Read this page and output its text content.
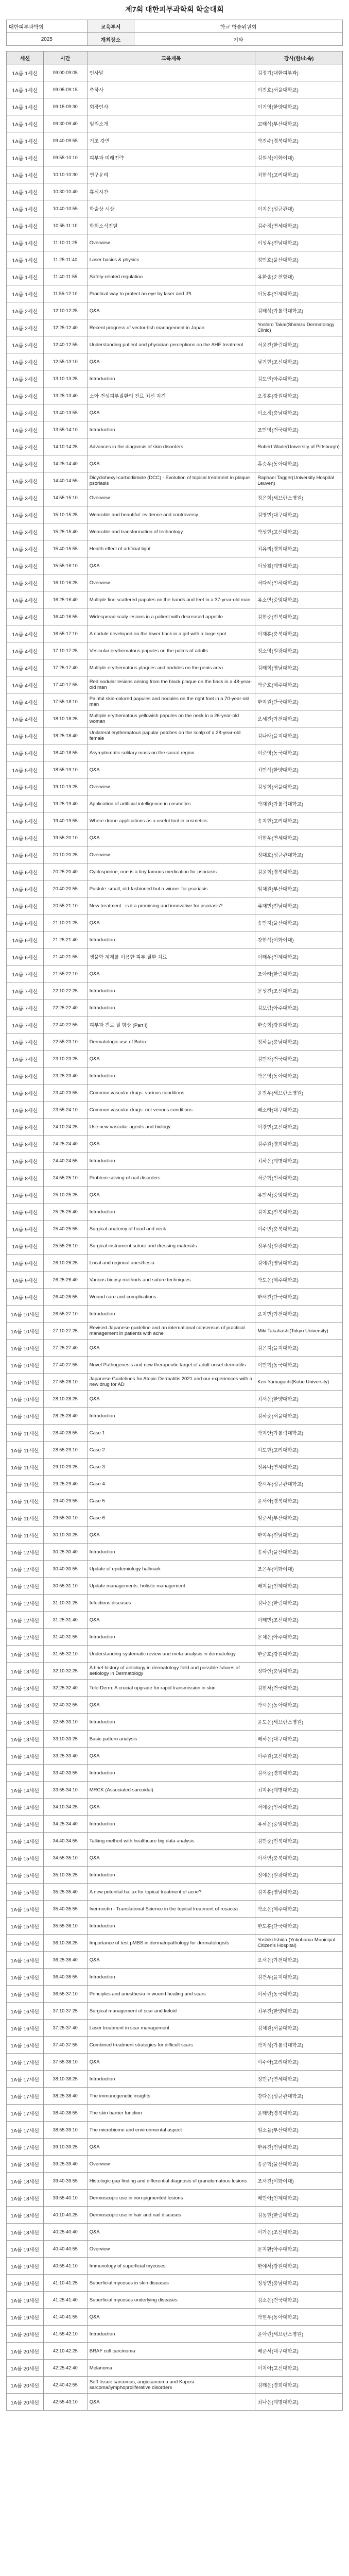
제7회 대한피부과학회 학술대회
대한피부과학회	교육부서	학교 학술위원회
2025	개최장소	기타
세션	시간	교육제목	강사(한/소속)
1A룸 1세션	09:00-09:05	인사말	김정기(대한피부과)
1A룸 1세션	09:05-09:15	축하사	이진호(서울대학교)
1A룸 1세션	09:15-09:30	회장인사	이기영(한양대학교)
1A룸 1세션	09:30-09:40	임원소개	고태석(부산대학교)
1A룸 1세션	09:40-09:55	기조 강연	박진수(경북대학교)
1A룸 1세션	09:55-10:10	피부과 미래전략	김원식(이화여대)
1A룸 1세션	10:10-10:30	연구윤리	최현석(고려대학교)
1A룸 1세션	10:30-10:40	휴식시간	
1A룸 1세션	10:40-10:55	학술상 시상	이지은(성균관대)
1A룸 1세션	10:55-11:10	학회소식전달	김수정(연세대학교)
1A룸 1세션	11:10-11:25	Overview	이성우(전남대학교)
1A룸 1세션	11:25-11:40	Laser basics & physics	정민호(울산대학교)
1A룸 1세션	11:40-11:55	Safety-related regulation	유한솔(순천향대)
1A룸 1세션	11:55-12:10	Practical way to protect an eye by laser and IPL	이동훈(인제대학교)
1A룸 2세션	12:10-12:25	Q&A	김태성(가톨릭대학교)
1A룸 2세션	12:25-12:40	Recent progress of vector-fish management in Japan	Yoshiro Takai(Shimizu Dermatology Clinic)
1A룸 2세션	12:40-12:55	Understanding patient and physician perceptions on the AHE treatment	서윤진(한림대학교)
1A룸 2세션	12:55-13:10	Q&A	남기현(조선대학교)
1A룸 2세션	13:10-13:25	Introduction	김도언(아주대학교)
1A룸 2세션	13:25-13:40	소아 건성피부질환의 진료 최신 지견	오정훈(강원대학교)
1A룸 2세션	13:40-13:55	Q&A	이소정(충남대학교)
1A룸 2세션	13:55-14:10	Introduction	조민영(건국대학교)
1A룸 2세션	14:10-14:25	Advances in the diagnosis of skin disorders	Robert Wade(University of Pittsburgh)
1A룸 3세션	14:25-14:40	Q&A	홍승우(동아대학교)
1A룸 3세션	14:40-14:55	Dicyclohexyl-carbodiimide (DCC) - Evolution of topical treatment in plaque psoriasis	Raphael Tagger(University Hospital Leuven)
1A룸 3세션	14:55-15:10	Overview	정은희(세브란스병원)
1A룸 3세션	15:10-15:25	Wearable and beautiful: evidence and controversy	김영민(대구대학교)
1A룸 3세션	15:25-15:40	Wearable and transformation of technology	박성현(고신대학교)
1A룸 3세션	15:40-15:55	Health effect of artificial light	최유리(경희대학교)
1A룸 3세션	15:55-16:10	Q&A	이상철(계명대학교)
1A룸 3세션	16:10-16:25	Overview	서다혜(인하대학교)
1A룸 4세션	16:25-16:40	Multiple fine scattered papules on the hands and feet in a 37-year-old man	유소연(중앙대학교)
1A룸 4세션	16:40-16:55	Widespread scaly lesions in a patient with decreased appetite	김현준(전북대학교)
1A룸 4세션	16:55-17:10	A nodule developed on the lower back in a girl with a large spot	이재훈(충북대학교)
1A룸 4세션	17:10-17:25	Vesicular erythematous papules on the palms of adults	정소영(원광대학교)
1A룸 4세션	17:25-17:40	Multiple erythematous plaques and nodules on the penis area	김태희(영남대학교)
1A룸 4세션	17:40-17:55	Red nodular lesions arising from the black plaque on the back in a 48-year-old man	박준호(제주대학교)
1A룸 4세션	17:55-18:10	Painful skin-colored papules and nodules on the right foot in a 70-year-old man	한지원(단국대학교)
1A룸 4세션	18:10-18:25	Multiple erythematous yellowish papules on the neck in a 26-year-old woman	오세진(가천대학교)
1A룸 5세션	18:25-18:40	Unilateral erythematous papular patches on the scalp of a 28-year-old female	김나래(을지대학교)
1A룸 5세션	18:40-18:55	Asymptomatic solitary mass on the sacral region	이준영(동국대학교)
1A룸 5세션	18:55-19:10	Q&A	최민석(한양대학교)
1A룸 5세션	19:10-19:25	Overview	김성희(서울대학교)
1A룸 5세션	19:25-19:40	Application of artificial intelligence in cosmetics	박재원(가톨릭대학교)
1A룸 5세션	19:40-19:55	Where drone applications as a useful tool in cosmetics	송지현(고려대학교)
1A룸 5세션	19:55-20:10	Q&A	이현우(연세대학교)
1A룸 6세션	20:10-20:25	Overview	정대호(성균관대학교)
1A룸 6세션	20:25-20:40	Cyclosporine, one is a tiny famous medication for psoriasis	김윤희(경북대학교)
1A룸 6세션	20:40-20:55	Pustule: small, old-fashioned but a winner for psoriasis	임채원(부산대학교)
1A룸 6세션	20:55-21:10	New treatment : is it a promising and innovative for psoriasis?	류재민(전남대학교)
1A룸 6세션	21:10-21:25	Q&A	송민지(울산대학교)
1A룸 6세션	21:25-21:40	Introduction	강현석(이화여대)
1A룸 6세션	21:40-21:55	생물학 제제를 이용한 피부 질환 치료	이태우(인제대학교)
1A룸 7세션	21:55-22:10	Q&A	조아라(한림대학교)
1A룸 7세션	22:10-22:25	Introduction	문성진(조선대학교)
1A룸 7세션	22:25-22:40	Introduction	김보람(아주대학교)
1A룸 7세션	22:40-22:55	피부과 진료 질 향상 (Part I)	한승희(강원대학교)
1A룸 7세션	22:55-23:10	Dermatologic use of Botox	정하늘(충남대학교)
1A룸 7세션	23:10-23:25	Q&A	김민재(건국대학교)
1A룸 8세션	23:25-23:40	Introduction	박은영(동아대학교)
1A룸 8세션	23:40-23:55	Common vascular drugs: various conditions	윤진우(세브란스병원)
1A룸 8세션	23:55-24:10	Common vascular drugs: not venous conditions	배소라(대구대학교)
1A룸 8세션	24:10-24:25	Use new vascular agents and biology	이경민(고신대학교)
1A룸 8세션	24:25-24:40	Q&A	김주원(경희대학교)
1A룸 8세션	24:40-24:55	Introduction	최하은(계명대학교)
1A룸 8세션	24:55-25:10	Problem-solving of nail disorders	서준혁(인하대학교)
1A룸 9세션	25:10-25:25	Q&A	유민서(중앙대학교)
1A룸 9세션	25:25-25:40	Introduction	김지호(전북대학교)
1A룸 9세션	25:40-25:55	Surgical anatomy of head and neck	이수빈(충북대학교)
1A룸 9세션	25:55-26:10	Surgical instrument suture and dressing materials	정우성(원광대학교)
1A룸 9세션	26:10-26:25	Local and regional anesthesia	김예린(영남대학교)
1A룸 9세션	26:25-26:40	Various biopsy methods and suture techniques	박도윤(제주대학교)
1A룸 9세션	26:40-26:55	Wound care and complications	한서진(단국대학교)
1A룸 10세션	26:55-27:10	Introduction	오지민(가천대학교)
1A룸 10세션	27:10-27:25	Revised Japanese guideline and an international consensus of practical management in patients with acne	Miki Takahashi(Tokyo University)
1A룸 10세션	27:25-27:40	Q&A	김은지(을지대학교)
1A룸 10세션	27:40-27:55	Novel Pathogenesis and new therapeutic target of adult-onset dermatitis	이민혁(동국대학교)
1A룸 10세션	27:55-28:10	Japanese Guidelines for Atopic Dermatitis 2021 and our experiences with a new drug for AD	Ken Yamaguchi(Kobe University)
1A룸 10세션	28:10-28:25	Q&A	최서윤(한양대학교)
1A룸 10세션	28:25-28:40	Introduction	김하준(서울대학교)
1A룸 11세션	28:40-28:55	Case 1	박지안(가톨릭대학교)
1A룸 11세션	28:55-29:10	Case 2	이도현(고려대학교)
1A룸 11세션	29:10-29:25	Case 3	정유나(연세대학교)
1A룸 11세션	29:25-29:40	Case 4	강시우(성균관대학교)
1A룸 11세션	29:40-29:55	Case 5	윤서아(경북대학교)
1A룸 11세션	29:55-30:10	Case 6	임준서(부산대학교)
1A룸 11세션	30:10-30:25	Q&A	한지우(전남대학교)
1A룸 12세션	30:25-30:40	Introduction	송하린(울산대학교)
1A룸 12세션	30:40-30:55	Update of epidemiology hallmark	조은우(이화여대)
1A룸 12세션	30:55-31:10	Update managements: holistic management	배지율(인제대학교)
1A룸 12세션	31:10-31:25	Infectious diseases	김나윤(한림대학교)
1A룸 12세션	31:25-31:40	Q&A	이태민(조선대학교)
1A룸 12세션	31:40-31:55	Introduction	문채은(아주대학교)
1A룸 13세션	31:55-32:10	Understanding systematic review and meta-analysis in dermatology	한준호(강원대학교)
1A룸 13세션	32:10-32:25	A brief history of aetiology in dermatology field and possible futures of aetiology in Dermatology	정다인(충남대학교)
1A룸 13세션	32:25-32:40	Tele-Derm: A crucial upgrade for rapid transmission in skin	김현서(건국대학교)
1A룸 13세션	32:40-32:55	Q&A	박시윤(동아대학교)
1A룸 13세션	32:55-33:10	Introduction	윤도윤(세브란스병원)
1A룸 13세션	33:10-33:25	Basic pattern analysis	배하은(대구대학교)
1A룸 14세션	33:25-33:40	Q&A	이주원(고신대학교)
1A룸 14세션	33:40-33:55	Introduction	김서준(경희대학교)
1A룸 14세션	33:55-34:10	MRCK (Associated sarcoidal)	최지유(계명대학교)
1A룸 14세션	34:10-34:25	Q&A	서예준(인하대학교)
1A룸 14세션	34:25-34:40	Introduction	유하윤(중앙대학교)
1A룸 14세션	34:40-34:55	Talking method with healthcare big data analysis	김민준(전북대학교)
1A룸 15세션	34:55-35:10	Q&A	이서연(충북대학교)
1A룸 15세션	35:10-35:25	Introduction	정예은(원광대학교)
1A룸 15세션	35:25-35:40	A new potential hallux for topical treatment of acne?	김지훈(영남대학교)
1A룸 15세션	35:40-35:55	Ivermectin - Translational Science in the topical treatment of rosacea	박소윤(제주대학교)
1A룸 15세션	35:55-36:10	Introduction	한도훈(단국대학교)
1A룸 15세션	36:10-36:25	Importance of test pMBS in dermatopathology for dermatologists	Yoshiki Ishida (Yokohama Municipal Citizen's Hospital)
1A룸 16세션	36:25-36:40	Q&A	오서윤(가천대학교)
1A룸 16세션	36:40-36:55	Introduction	김건우(을지대학교)
1A룸 16세션	36:55-37:10	Principles and anesthesia in wound healing and scars	이하린(동국대학교)
1A룸 16세션	37:10-37:25	Surgical management of scar and keloid	최우진(한양대학교)
1A룸 16세션	37:25-37:40	Laser treatment in scar management	김채원(서울대학교)
1A룸 16세션	37:40-37:55	Combined treatment strategies for difficult scars	박지성(가톨릭대학교)
1A룸 17세션	37:55-38:10	Q&A	이수아(고려대학교)
1A룸 17세션	38:10-38:25	Introduction	정민규(연세대학교)
1A룸 17세션	38:25-38:40	The immunogenetic insights	강다은(성균관대학교)
1A룸 17세션	38:40-38:55	The skin barrier function	윤태양(경북대학교)
1A룸 17세션	38:55-39:10	The microbiome and environmental aspect	임소율(부산대학교)
1A룸 17세션	39:10-39:25	Q&A	한유진(전남대학교)
1A룸 18세션	39:25-39:40	Overview	송준혁(울산대학교)
1A룸 18세션	39:40-39:55	Histologic gap finding and differential diagnosis of granulomatous lesions	조서진(이화여대)
1A룸 18세션	39:55-40:10	Dermoscopic use in non-pigmented lesions	배민아(인제대학교)
1A룸 18세션	40:10-40:25	Dermoscopic use in hair and nail diseases	김동현(한림대학교)
1A룸 18세션	40:25-40:40	Q&A	이가은(조선대학교)
1A룸 19세션	40:40-40:55	Overview	문지환(아주대학교)
1A룸 19세션	40:55-41:10	Immunology of superficial mycoses	한예서(강원대학교)
1A룸 19세션	41:10-41:25	Superficial mycoses in skin diseases	정성민(충남대학교)
1A룸 19세션	41:25-41:40	Superficial mycoses underlying diseases	김소은(건국대학교)
1A룸 19세션	41:40-41:55	Q&A	박현우(동아대학교)
1A룸 20세션	41:55-42:10	Introduction	윤아린(세브란스병원)
1A룸 20세션	42:10-42:25	BRAF cell carcinoma	배준서(대구대학교)
1A룸 20세션	42:25-42:40	Melanoma	이지아(고신대학교)
1A룸 20세션	42:40-42:55	Soft tissue sarcomas, angiosarcoma and Kaposi sarcoma/lymphoproliferative disorders	김태윤(경희대학교)
1A룸 20세션	42:55-43:10	Q&A	최나은(계명대학교)
